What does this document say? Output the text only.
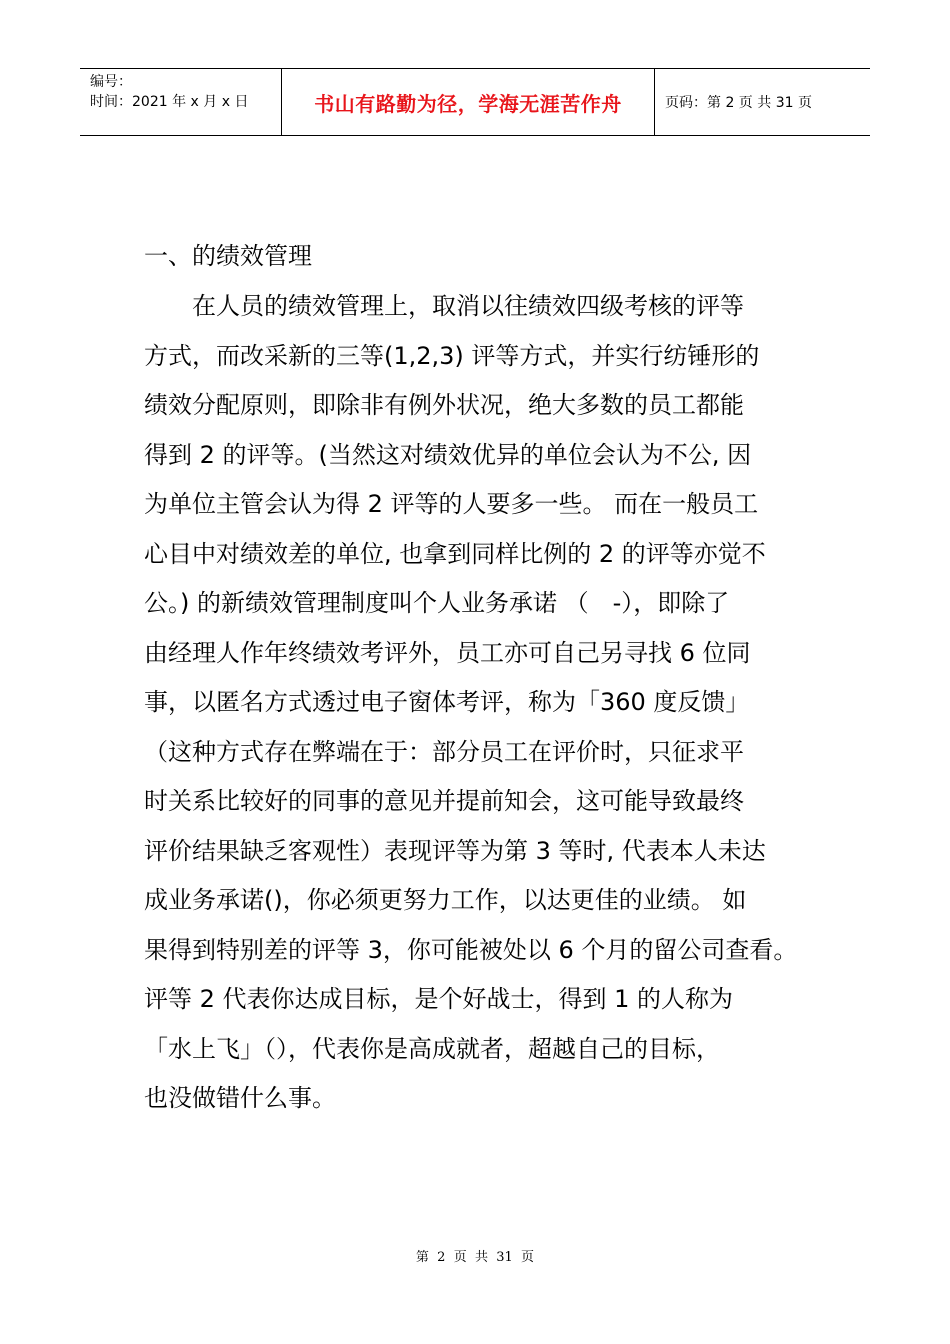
编号：
时间：2021 年 x 月 x 日	书山有路勤为径，学海无涯苦作舟	页码：第 2 页 共 31 页
一、的绩效管理
　　在人员的绩效管理上，取消以往绩效四级考核的评等
方式，而改采新的三等(1,2,3) 评等方式，并实行纺锤形的
绩效分配原则，即除非有例外状况，绝大多数的员工都能
得到 2 的评等。(当然这对绩效优异的单位会认为不公, 因
为单位主管会认为得 2 评等的人要多一些。 而在一般员工
心目中对绩效差的单位, 也拿到同样比例的 2 的评等亦觉不
公。) 的新绩效管理制度叫个人业务承诺 （　-），即除了
由经理人作年终绩效考评外，员工亦可自己另寻找 6 位同
事，以匿名方式透过电子窗体考评，称为「360 度反馈」
（这种方式存在弊端在于：部分员工在评价时，只征求平
时关系比较好的同事的意见并提前知会，这可能导致最终
评价结果缺乏客观性）表现评等为第 3 等时, 代表本人未达
成业务承诺()，你必须更努力工作，以达更佳的业绩。 如
果得到特别差的评等 3，你可能被处以 6 个月的留公司查看。
评等 2 代表你达成目标，是个好战士，得到 1 的人称为
「水上飞」（），代表你是高成就者，超越自己的目标，
也没做错什么事。
第  2  页  共  31  页
